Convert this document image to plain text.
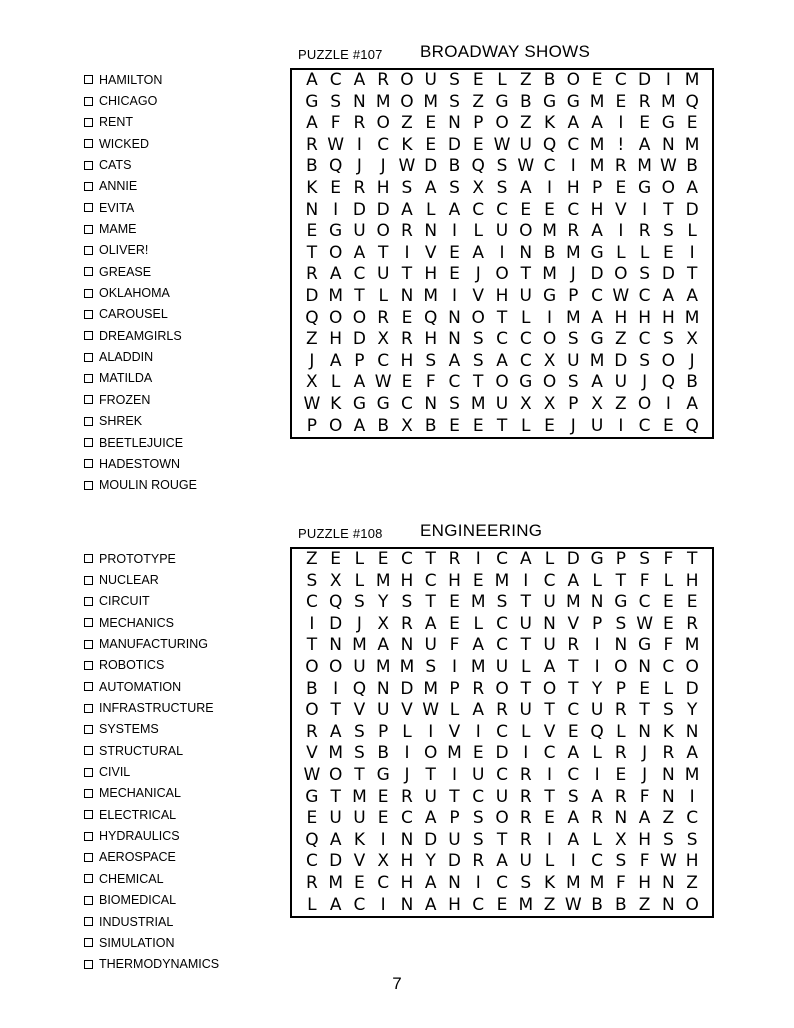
PUZZLE #107 BROADWAY SHOWS
HAMILTON
CHICAGO
RENT
WICKED
CATS
ANNIE
EVITA
MAME
OLIVER!
GREASE
OKLAHOMA
CAROUSEL
DREAMGIRLS
ALADDIN
MATILDA
FROZEN
SHREK
BEETLEJUICE
HADESTOWN
MOULIN ROUGE
A C A R O U S E L Z B O E C D I M
G S N M O M S Z G B G G M E R M Q
A F R O Z E N P O Z K A A I E G E
R W I C K E D E W U Q C M ! A N M
B Q J	J W D B Q S W C I M R M W B
K E R H S A S X S A I H P E G O A
N I D D A L A C C E E C H V I T D
E G U O R N I L U O M R A I R S L
T O A T I V E A I N B M G L L E I
R A C U T H E J O T M J D O S D T
D M T L N M I V H U G P C W C A A
Q O O R E Q N O T L I M A H H H M
Z H D X R H N S C C O S G Z C S X
J A P C H S A S A C X U M D S O J
X L A W E F C T O G O S A U J Q B
W K G G C N S M U X X P X Z O I A
P O A B X B E E T L E J U I C E Q
PUZZLE #108 ENGINEERING
PROTOTYPE
NUCLEAR
CIRCUIT
MECHANICS
MANUFACTURING
ROBOTICS
AUTOMATION
INFRASTRUCTURE
SYSTEMS
STRUCTURAL
CIVIL
MECHANICAL
ELECTRICAL
HYDRAULICS
AEROSPACE
CHEMICAL
BIOMEDICAL
INDUSTRIAL
SIMULATION
THERMODYNAMICS
Z E L E C T R I C A L D G P S F T
S X L M H C H E M I C A L T F L H
C Q S Y S T E M S T U M N G C E E
I D J X R A E L C U N V P S W E R
T N M A N U F A C T U R I N G F M
O O U M M S I M U L A T I O N C O
B I Q N D M P R O T O T Y P E L D
O T V U V W L A R U T C U R T S Y
R A S P L I V I C L V E Q L N K N
V M S B I O M E D I C A L R J R A
W O T G J T I U C R I C I E J N M
G T M E R U T C U R T S A R F N I
E U U E C A P S O R E A R N A Z C
Q A K I N D U S T R I A L X H S S
C D V X H Y D R A U L I C S F W H
R M E C H A N I C S K M M F H N Z
L A C I N A H C E M Z W B B Z N O
7
